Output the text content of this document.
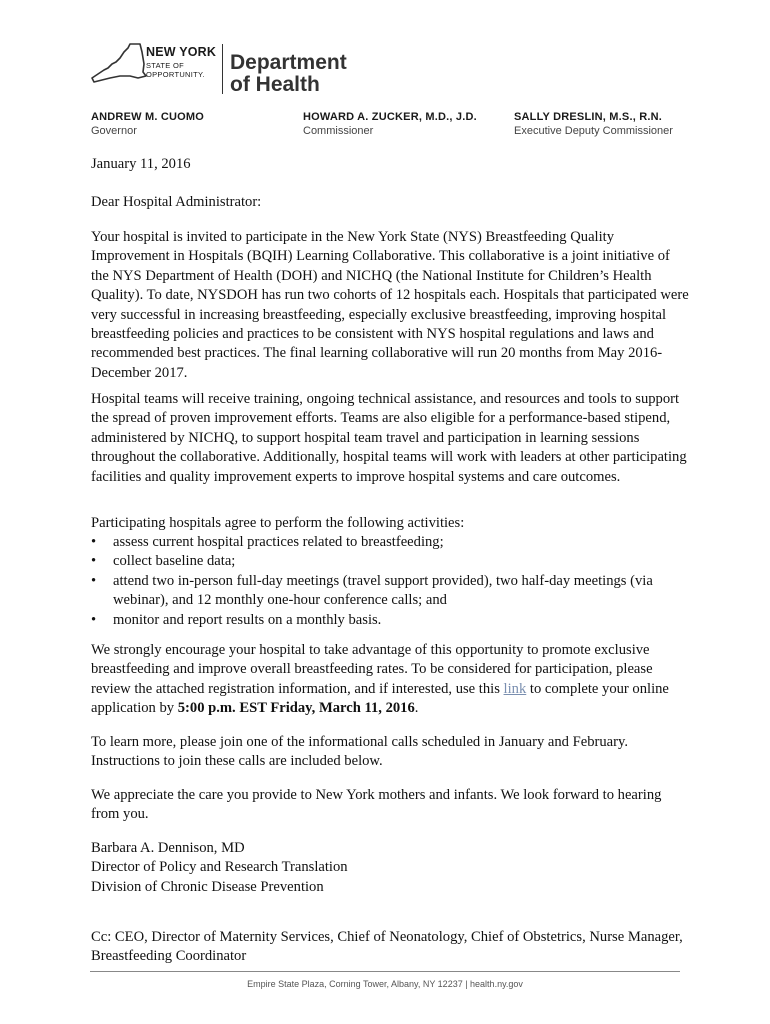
NEW YORK
STATE OF
OPPORTUNITY.
Department
of Health
ANDREW M. CUOMO
Governor
HOWARD A. ZUCKER, M.D., J.D.
Commissioner
SALLY DRESLIN, M.S., R.N.
Executive Deputy Commissioner

January 11, 2016

Dear Hospital Administrator:

Your hospital is invited to participate in the New York State (NYS) Breastfeeding Quality Improvement in Hospitals (BQIH) Learning Collaborative. This collaborative is a joint initiative of the NYS Department of Health (DOH) and NICHQ (the National Institute for Children’s Health Quality). To date, NYSDOH has run two cohorts of 12 hospitals each. Hospitals that participated were very successful in increasing breastfeeding, especially exclusive breastfeeding, improving hospital breastfeeding policies and practices to be consistent with NYS hospital regulations and laws and recommended best practices. The final learning collaborative will run 20 months from May 2016-December 2017.

Hospital teams will receive training, ongoing technical assistance, and resources and tools to support the spread of proven improvement efforts. Teams are also eligible for a performance-based stipend, administered by NICHQ, to support hospital team travel and participation in learning sessions throughout the collaborative. Additionally, hospital teams will work with leaders at other participating facilities and quality improvement experts to improve hospital systems and care outcomes.

Participating hospitals agree to perform the following activities:

• assess current hospital practices related to breastfeeding;
• collect baseline data;
• attend two in-person full-day meetings (travel support provided), two half-day meetings (via webinar), and 12 monthly one-hour conference calls; and
• monitor and report results on a monthly basis.

We strongly encourage your hospital to take advantage of this opportunity to promote exclusive breastfeeding and improve overall breastfeeding rates. To be considered for participation, please review the attached registration information, and if interested, use this link to complete your online application by 5:00 p.m. EST Friday, March 11, 2016.

To learn more, please join one of the informational calls scheduled in January and February. Instructions to join these calls are included below.

We appreciate the care you provide to New York mothers and infants. We look forward to hearing from you.

Barbara A. Dennison, MD
Director of Policy and Research Translation
Division of Chronic Disease Prevention

Cc: CEO, Director of Maternity Services, Chief of Neonatology, Chief of Obstetrics, Nurse Manager, Breastfeeding Coordinator

Empire State Plaza, Corning Tower, Albany, NY 12237 | health.ny.gov
